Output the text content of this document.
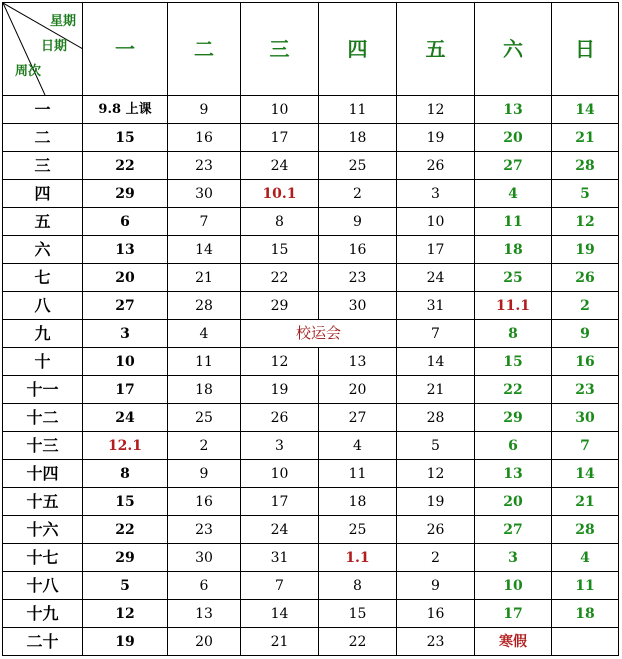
星期
日期
周次	一	二	三	四	五	六	日
一	9.8 上课	9	10	11	12	13	14
二	15	16	17	18	19	20	21
三	22	23	24	25	26	27	28
四	29	30	10.1	2	3	4	5
五	6	7	8	9	10	11	12
六	13	14	15	16	17	18	19
七	20	21	22	23	24	25	26
八	27	28	29	30	31	11.1	2
九	3	4	校运会		7	8	9
十	10	11	12	13	14	15	16
十一	17	18	19	20	21	22	23
十二	24	25	26	27	28	29	30
十三	12.1	2	3	4	5	6	7
十四	8	9	10	11	12	13	14
十五	15	16	17	18	19	20	21
十六	22	23	24	25	26	27	28
十七	29	30	31	1.1	2	3	4
十八	5	6	7	8	9	10	11
十九	12	13	14	15	16	17	18
二十	19	20	21	22	23	寒假	
